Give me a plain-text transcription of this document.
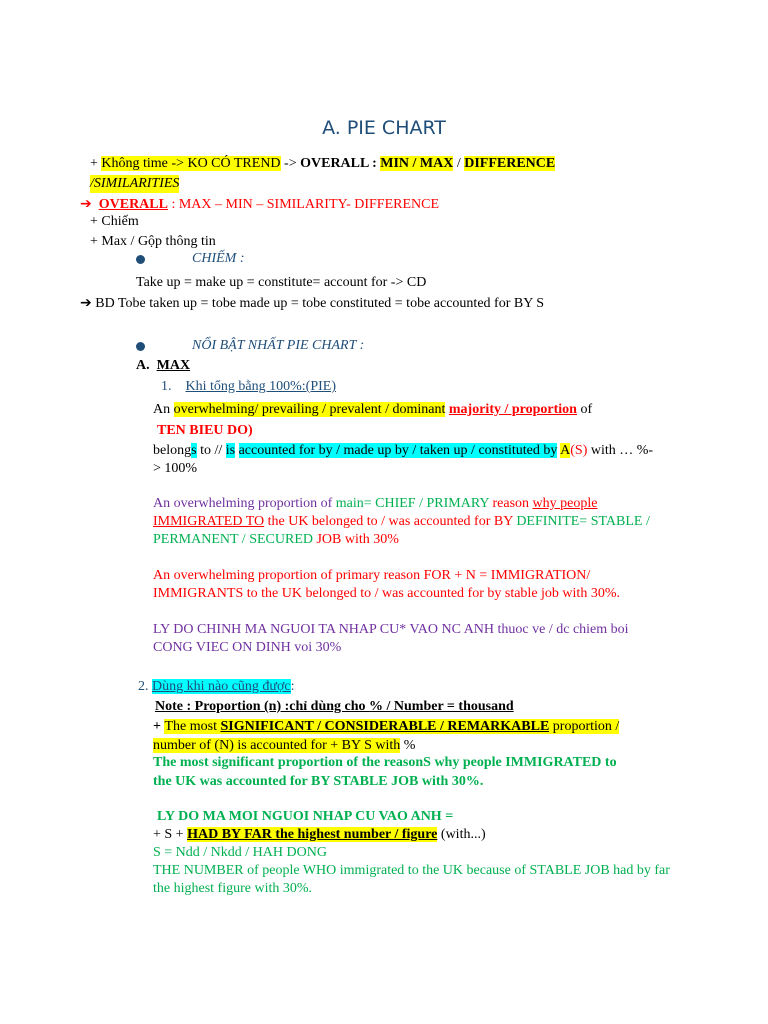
A. PIE CHART
+ Không time -> KO CÓ TREND -> OVERALL : MIN / MAX / DIFFERENCE
/SIMILARITIES
➔ OVERALL : MAX – MIN – SIMILARITY- DIFFERENCE
+ Chiếm
+ Max / Gộp thông tin
CHIẾM :
Take up = make up = constitute= account for -> CD
➔ BD Tobe taken up = tobe made up = tobe constituted = tobe accounted for BY S
NỔI BẬT NHẤT PIE CHART :
A. MAX
1. Khi tổng bằng 100%:(PIE)
An overwhelming/ prevailing / prevalent / dominant majority / proportion of
TEN BIEU DO)
belongs to // is accounted for by / made up by / taken up / constituted by A(S) with … %-
> 100%
An overwhelming proportion of main= CHIEF / PRIMARY reason why people
IMMIGRATED TO the UK belonged to / was accounted for BY DEFINITE= STABLE /
PERMANENT / SECURED JOB with 30%
An overwhelming proportion of primary reason FOR + N = IMMIGRATION/
IMMIGRANTS to the UK belonged to / was accounted for by stable job with 30%.
LY DO CHINH MA NGUOI TA NHAP CU* VAO NC ANH thuoc ve / dc chiem boi
CONG VIEC ON DINH voi 30%
2. Dùng khi nào cũng được:
Note : Proportion (n) :chỉ dùng cho % / Number = thousand
+ The most SIGNIFICANT / CONSIDERABLE / REMARKABLE proportion /
number of (N) is accounted for + BY S with %
The most significant proportion of the reasonS why people IMMIGRATED to
the UK was accounted for BY STABLE JOB with 30%.
LY DO MA MOI NGUOI NHAP CU VAO ANH =
+ S + HAD BY FAR the highest number / figure (with...)
S = Ndd / Nkdd / HAH DONG
THE NUMBER of people WHO immigrated to the UK because of STABLE JOB had by far
the highest figure with 30%.
